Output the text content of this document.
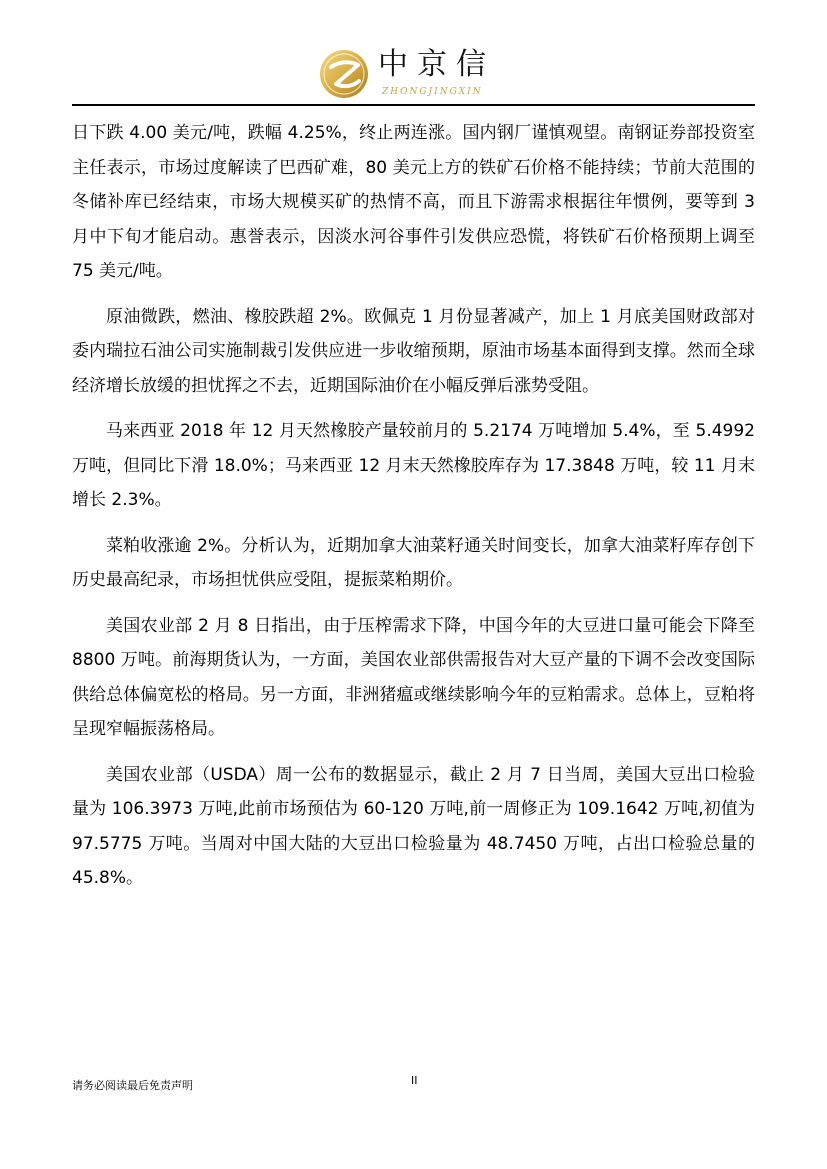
中京信
ZHONGJINGXIN

日下跌 4.00 美元/吨，跌幅 4.25%，终止两连涨。国内钢厂谨慎观望。南钢证券部投资室主任表示，市场过度解读了巴西矿难，80 美元上方的铁矿石价格不能持续；节前大范围的冬储补库已经结束，市场大规模买矿的热情不高，而且下游需求根据往年惯例，要等到 3 月中下旬才能启动。惠誉表示，因淡水河谷事件引发供应恐慌，将铁矿石价格预期上调至 75 美元/吨。

原油微跌，燃油、橡胶跌超 2%。欧佩克 1 月份显著减产，加上 1 月底美国财政部对委内瑞拉石油公司实施制裁引发供应进一步收缩预期，原油市场基本面得到支撑。然而全球经济增长放缓的担忧挥之不去，近期国际油价在小幅反弹后涨势受阻。

马来西亚 2018 年 12 月天然橡胶产量较前月的 5.2174 万吨增加 5.4%，至 5.4992 万吨，但同比下滑 18.0%；马来西亚 12 月末天然橡胶库存为 17.3848 万吨，较 11 月末增长 2.3%。

菜粕收涨逾 2%。分析认为，近期加拿大油菜籽通关时间变长，加拿大油菜籽库存创下历史最高纪录，市场担忧供应受阻，提振菜粕期价。

美国农业部 2 月 8 日指出，由于压榨需求下降，中国今年的大豆进口量可能会下降至 8800 万吨。前海期货认为，一方面，美国农业部供需报告对大豆产量的下调不会改变国际供给总体偏宽松的格局。另一方面，非洲猪瘟或继续影响今年的豆粕需求。总体上，豆粕将呈现窄幅振荡格局。

美国农业部（USDA）周一公布的数据显示，截止 2 月 7 日当周，美国大豆出口检验量为 106.3973 万吨,此前市场预估为 60-120 万吨,前一周修正为 109.1642 万吨,初值为 97.5775 万吨。当周对中国大陆的大豆出口检验量为 48.7450 万吨，占出口检验总量的 45.8%。

请务必阅读最后免责声明	II
